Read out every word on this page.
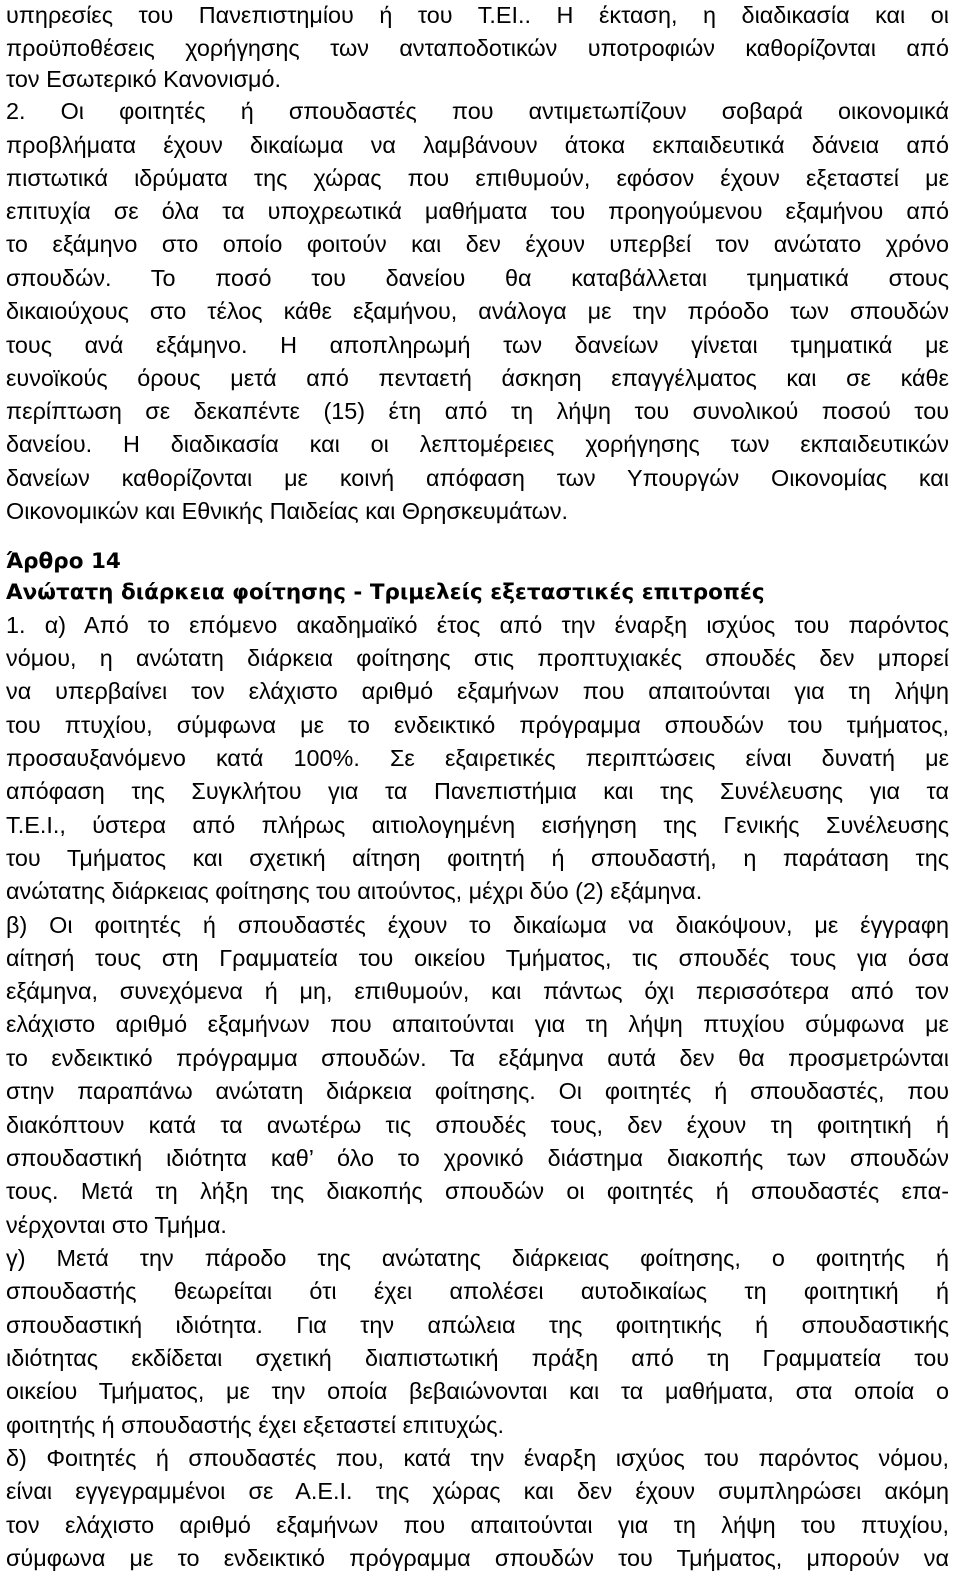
υπηρεσίες του Πανεπιστημίου ή του Τ.ΕΙ.. Η έκταση, η διαδικασία και οι
προϋποθέσεις χορήγησης των ανταποδοτικών υποτροφιών καθορίζονται από
τον Εσωτερικό Κανονισμό.
2. Οι φοιτητές ή σπουδαστές που αντιμετωπίζουν σοβαρά οικονομικά
προβλήματα έχουν δικαίωμα να λαμβάνουν άτοκα εκπαιδευτικά δάνεια από
πιστωτικά ιδρύματα της χώρας που επιθυμούν, εφόσον έχουν εξεταστεί με
επιτυχία σε όλα τα υποχρεωτικά μαθήματα του προηγούμενου εξαμήνου από
το εξάμηνο στο οποίο φοιτούν και δεν έχουν υπερβεί τον ανώτατο χρόνο
σπουδών. Το ποσό του δανείου θα καταβάλλεται τμηματικά στους
δικαιούχους στο τέλος κάθε εξαμήνου, ανάλογα με την πρόοδο των σπουδών
τους ανά εξάμηνο. Η αποπληρωμή των δανείων γίνεται τμηματικά με
ευνοϊκούς όρους μετά από πενταετή άσκηση επαγγέλματος και σε κάθε
περίπτωση σε δεκαπέντε (15) έτη από τη λήψη του συνολικού ποσού του
δανείου. Η διαδικασία και οι λεπτομέρειες χορήγησης των εκπαιδευτικών
δανείων καθορίζονται με κοινή απόφαση των Υπουργών Οικονομίας και
Οικονομικών και Εθνικής Παιδείας και Θρησκευμάτων.
Άρθρο 14
Ανώτατη διάρκεια φοίτησης - Τριμελείς εξεταστικές επιτροπές
1. α) Από το επόμενο ακαδημαϊκό έτος από την έναρξη ισχύος του παρόντος
νόμου, η ανώτατη διάρκεια φοίτησης στις προπτυχιακές σπουδές δεν μπορεί
να υπερβαίνει τον ελάχιστο αριθμό εξαμήνων που απαιτούνται για τη λήψη
του πτυχίου, σύμφωνα με το ενδεικτικό πρόγραμμα σπουδών του τμήματος,
προσαυξανόμενο κατά 100%. Σε εξαιρετικές περιπτώσεις είναι δυνατή με
απόφαση της Συγκλήτου για τα Πανεπιστήμια και της Συνέλευσης για τα
Τ.Ε.Ι., ύστερα από πλήρως αιτιολογημένη εισήγηση της Γενικής Συνέλευσης
του Τμήματος και σχετική αίτηση φοιτητή ή σπουδαστή, η παράταση της
ανώτατης διάρκειας φοίτησης του αιτούντος, μέχρι δύο (2) εξάμηνα.
β) Οι φοιτητές ή σπουδαστές έχουν το δικαίωμα να διακόψουν, με έγγραφη
αίτησή τους στη Γραμματεία του οικείου Τμήματος, τις σπουδές τους για όσα
εξάμηνα, συνεχόμενα ή μη, επιθυμούν, και πάντως όχι περισσότερα από τον
ελάχιστο αριθμό εξαμήνων που απαιτούνται για τη λήψη πτυχίου σύμφωνα με
το ενδεικτικό πρόγραμμα σπουδών. Τα εξάμηνα αυτά δεν θα προσμετρώνται
στην παραπάνω ανώτατη διάρκεια φοίτησης. Οι φοιτητές ή σπουδαστές, που
διακόπτουν κατά τα ανωτέρω τις σπουδές τους, δεν έχουν τη φοιτητική ή
σπουδαστική ιδιότητα καθ’ όλο το χρονικό διάστημα διακοπής των σπουδών
τους. Μετά τη λήξη της διακοπής σπουδών οι φοιτητές ή σπουδαστές επα-
νέρχονται στο Τμήμα.
γ) Μετά την πάροδο της ανώτατης διάρκειας φοίτησης, ο φοιτητής ή
σπουδαστής θεωρείται ότι έχει απολέσει αυτοδικαίως τη φοιτητική ή
σπουδαστική ιδιότητα. Για την απώλεια της φοιτητικής ή σπουδαστικής
ιδιότητας εκδίδεται σχετική διαπιστωτική πράξη από τη Γραμματεία του
οικείου Τμήματος, με την οποία βεβαιώνονται και τα μαθήματα, στα οποία ο
φοιτητής ή σπουδαστής έχει εξεταστεί επιτυχώς.
δ) Φοιτητές ή σπουδαστές που, κατά την έναρξη ισχύος του παρόντος νόμου,
είναι εγγεγραμμένοι σε Α.Ε.Ι. της χώρας και δεν έχουν συμπληρώσει ακόμη
τον ελάχιστο αριθμό εξαμήνων που απαιτούνται για τη λήψη του πτυχίου,
σύμφωνα με το ενδεικτικό πρόγραμμα σπουδών του Τμήματος, μπορούν να
